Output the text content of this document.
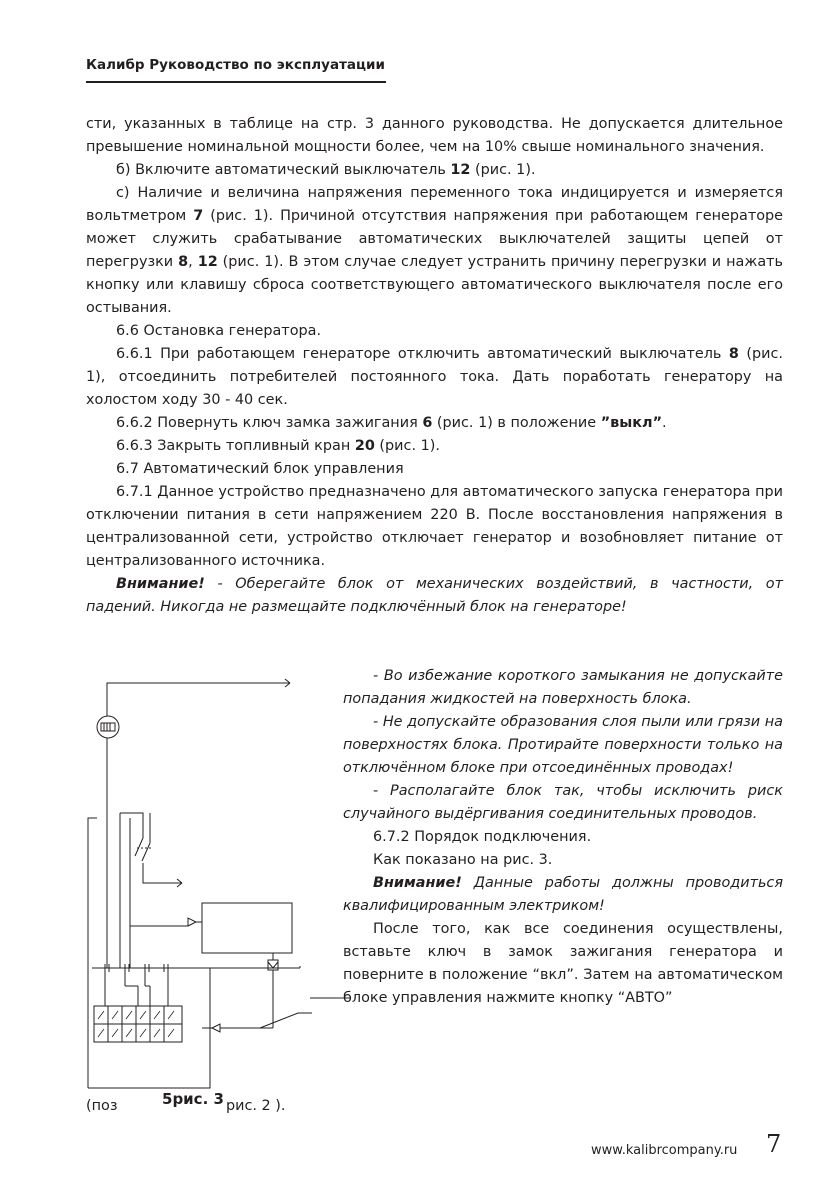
Калибр Руководство по эксплуатации

сти, указанных в таблице на стр. 3 данного руководства. Не допускается длительное превышение номинальной мощности более, чем на 10% свыше номинального значения.

б) Включите автоматический выключатель 12 (рис. 1).

с) Наличие и величина напряжения переменного тока индицируется и измеряется вольтметром 7 (рис. 1). Причиной отсутствия напряжения при работающем генераторе может служить срабатывание автоматических выключателей защиты цепей от перегрузки 8, 12 (рис. 1). В этом случае следует устранить причину перегрузки и нажать кнопку или клавишу сброса соответствующего автоматического выключателя после его остывания.

6.6 Остановка генератора.

6.6.1 При работающем генераторе отключить автоматический выключатель 8 (рис. 1), отсоединить потребителей постоянного тока. Дать поработать генератору на холостом ходу 30 - 40 сек.

6.6.2 Повернуть ключ замка зажигания 6 (рис. 1) в положение ”выкл”.

6.6.3 Закрыть топливный кран 20 (рис. 1).

6.7 Автоматический блок управления

6.7.1 Данное устройство предназначено для автоматического запуска генератора при отключении питания в сети напряжением 220 В. После восстановления напряжения в централизованной сети, устройство отключает генератор и возобновляет питание от централизованного источника.

Внимание! - Оберегайте блок от механических воздействий, в частности, от падений. Никогда не размещайте подключённый блок на генераторе!

- Во избежание короткого замыкания не допускайте попадания жидкостей на поверхность блока.

- Не допускайте образования слоя пыли или грязи на поверхностях блока. Протирайте поверхности только на отключённом блоке при отсоединённых проводах!

- Располагайте блок так, чтобы исключить риск случайного выдёргивания соединительных проводов.

6.7.2 Порядок подключения.

Как показано на рис. 3.

Внимание! Данные работы должны проводиться квалифицированным электриком!

После того, как все соединения осуществлены, вставьте ключ в замок зажигания генератора и поверните в положение “вкл”. Затем на автоматическом блоке управления нажмите кнопку “АВТО”

(поз	5рис. 3 рис. 2 ).
www.kalibrcompany.ru 7
